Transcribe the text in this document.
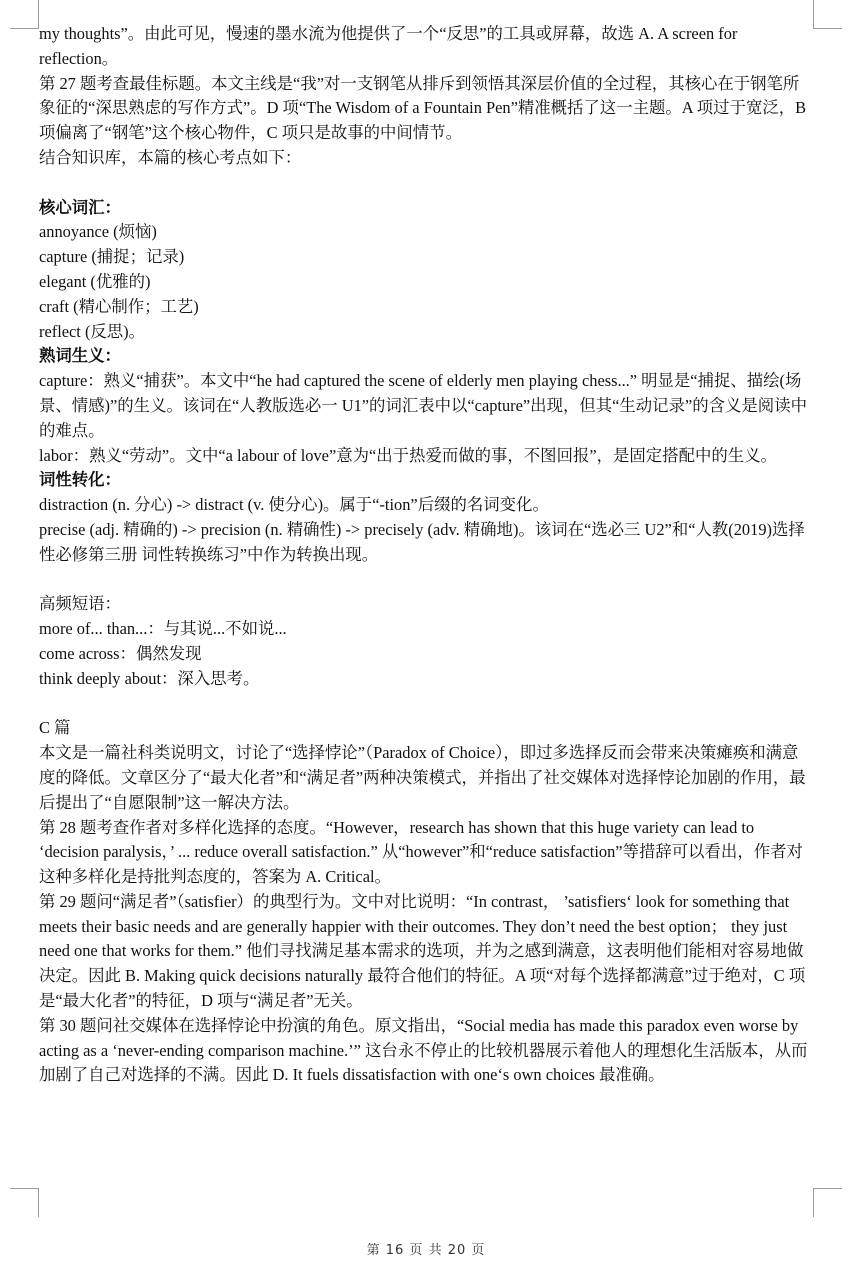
my thoughts”。由此可见，慢速的墨水流为他提供了一个“反思”的工具或屏幕，故选 A. A screen for reflection。

第 27 题考查最佳标题。本文主线是“我”对一支钢笔从排斥到领悟其深层价值的全过程，其核心在于钢笔所象征的“深思熟虑的写作方式”。D 项“The Wisdom of a Fountain Pen”精准概括了这一主题。A 项过于宽泛，B 项偏离了“钢笔”这个核心物件，C 项只是故事的中间情节。

结合知识库，本篇的核心考点如下：

核心词汇：

annoyance (烦恼)

capture (捕捉；记录)

elegant (优雅的)

craft (精心制作；工艺)

reflect (反思)。

熟词生义：

capture：熟义“捕获”。本文中“he had captured the scene of elderly men playing chess...” 明显是“捕捉、描绘(场景、情感)”的生义。该词在“人教版选必一 U1”的词汇表中以“capture”出现，但其“生动记录”的含义是阅读中的难点。

labor：熟义“劳动”。文中“a labour of love”意为“出于热爱而做的事，不图回报”，是固定搭配中的生义。

词性转化：

distraction (n. 分心) -> distract (v. 使分心)。属于“-tion”后缀的名词变化。

precise (adj. 精确的) -> precision (n. 精确性) -> precisely (adv. 精确地)。该词在“选必三 U2”和“人教(2019)选择性必修第三册 词性转换练习”中作为转换出现。

高频短语：

more of... than...：与其说...不如说...

come across：偶然发现

think deeply about：深入思考。

C 篇

本文是一篇社科类说明文，讨论了“选择悖论”（Paradox of Choice），即过多选择反而会带来决策瘫痪和满意度的降低。文章区分了“最大化者”和“满足者”两种决策模式，并指出了社交媒体对选择悖论加剧的作用，最后提出了“自愿限制”这一解决方法。

第 28 题考查作者对多样化选择的态度。“However，research has shown that this huge variety can lead to ‘decision paralysis，’ ... reduce overall satisfaction.” 从“however”和“reduce satisfaction”等措辞可以看出，作者对这种多样化是持批判态度的，答案为 A. Critical。

第 29 题问“满足者”（satisfier）的典型行为。文中对比说明：“In contrast， ’satisfiers‘ look for something that meets their basic needs and are generally happier with their outcomes. They don’t need the best option； they just need one that works for them.” 他们寻找满足基本需求的选项，并为之感到满意，这表明他们能相对容易地做决定。因此 B. Making quick decisions naturally 最符合他们的特征。A 项“对每个选择都满意”过于绝对，C 项是“最大化者”的特征，D 项与“满足者”无关。

第 30 题问社交媒体在选择悖论中扮演的角色。原文指出，“Social media has made this paradox even worse by acting as a ‘never-ending comparison machine.’” 这台永不停止的比较机器展示着他人的理想化生活版本，从而加剧了自己对选择的不满。因此 D. It fuels dissatisfaction with one‘s own choices 最准确。

第 16 页 共 20 页
